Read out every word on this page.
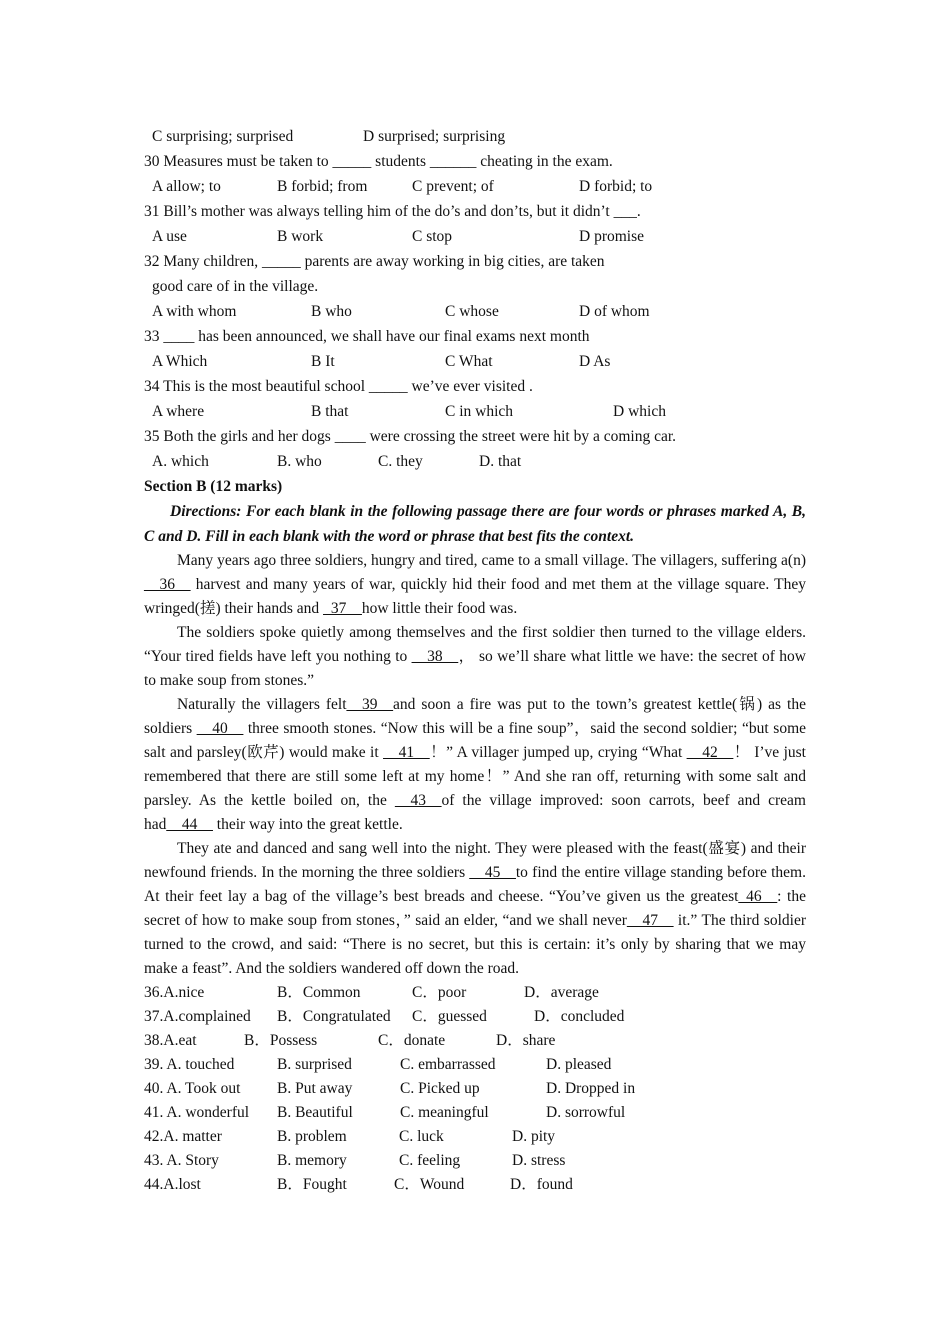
C surprising; surprised	D surprised; surprising
30 Measures must be taken to _____ students ______ cheating in the exam.
A allow; to	B forbid; from	C prevent; of	D forbid; to
31 Bill’s mother was always telling him of the do’s and don’ts, but it didn’t ___.
A use	B work	C stop	D promise
32 Many children, _____ parents are away working in big cities, are taken
good care of in the village.
A with whom	B who	C whose	D of whom
33 ____ has been announced, we shall have our final exams next month
A Which	B It	C What	D As
34 This is the most beautiful school _____ we’ve ever visited .
A where	B that	C in which	D which
35 Both the girls and her dogs ____ were crossing the street were hit by a coming car.
A. which	B. who	C. they	D. that
Section B (12 marks)
Directions: For each blank in the following passage there are four words or phrases marked A, B, C and D. Fill in each blank with the word or phrase that best fits the context.

Many years ago three soldiers, hungry and tired, came to a small village. The villagers, suffering a(n) __36__ harvest and many years of war, quickly hid their food and met them at the village square. They wringed(搓) their hands and _37__how little their food was.

The soldiers spoke quietly among themselves and the first soldier then turned to the village elders. “Your tired fields have left you nothing to __38__， so we’ll share what little we have: the secret of how to make soup from stones.”

Naturally the villagers felt__39__and soon a fire was put to the town’s greatest kettle(锅) as the soldiers __40__ three smooth stones. “Now this will be a fine soup”，said the second soldier; “but some salt and parsley(欧芹) would make it __41__！” A villager jumped up, crying “What __42__！ I’ve just remembered that there are still some left at my home！” And she ran off, returning with some salt and parsley. As the kettle boiled on, the __43__of the village improved: soon carrots, beef and cream had__44__ their way into the great kettle.

They ate and danced and sang well into the night. They were pleased with the feast(盛宴) and their newfound friends. In the morning the three soldiers __45__to find the entire village standing before them. At their feet lay a bag of the village’s best breads and cheese. “You’ve given us the greatest_46__: the secret of how to make soup from stones，” said an elder, “and we shall never__47__ it.” The third soldier turned to the crowd, and said: “There is no secret, but this is certain: it’s only by sharing that we may make a feast”. And the soldiers wandered off down the road.

36.A.nice	B．Common	C．poor	D．average
37.A.complained B．Congratulated C．guessed	D．concluded
38.A.eat	B．Possess	C．donate	D．share
39. A. touched	B. surprised	C. embarrassed	D. pleased
40. A. Took out B. Put away	C. Picked up	D. Dropped in
41. A. wonderful B. Beautiful	C. meaningful	D. sorrowful
42.A. matter	B. problem	C. luck	D. pity
43. A. Story	B. memory	C. feeling	D. stress
44.A.lost	B．Fought	C．Wound	D．found
